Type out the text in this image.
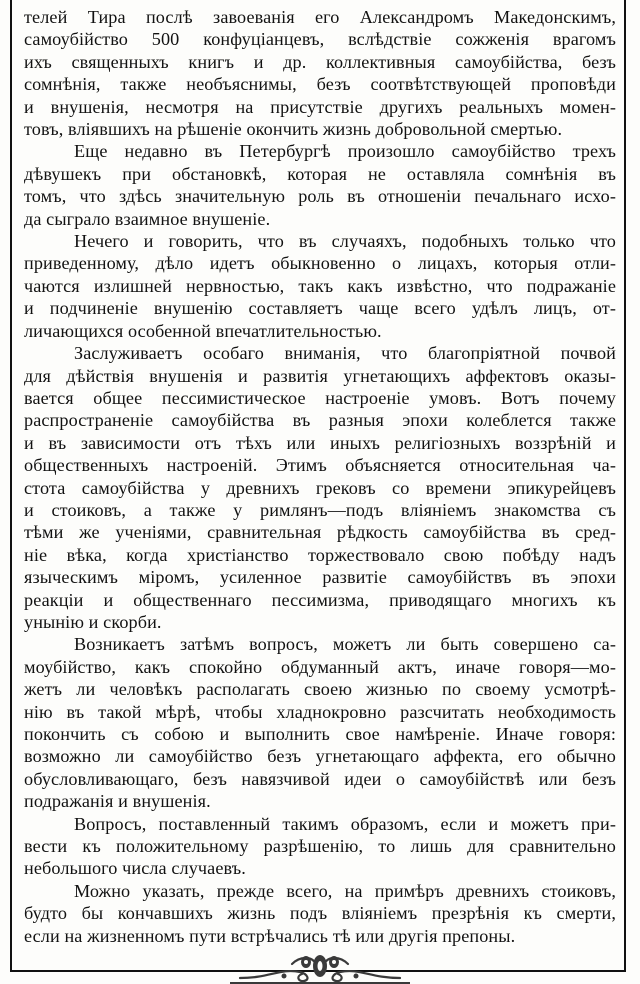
телей Тира послѣ завоеванія его Александромъ Македонскимъ,
самоубійство 500 конфуціанцевъ, вслѣдствіе сожженія врагомъ
ихъ священныхъ книгъ и др. коллективныя самоубійства, безъ
сомнѣнія, также необъяснимы, безъ соотвѣтствующей проповѣди
и внушенія, несмотря на присутствіе другихъ реальныхъ момен-
товъ, вліявшихъ на рѣшеніе окончить жизнь добровольной смертью.
Еще недавно въ Петербургѣ произошло самоубійство трехъ
дѣвушекъ при обстановкѣ, которая не оставляла сомнѣнія въ
томъ, что здѣсь значительную роль въ отношеніи печальнаго исхо-
да сыграло взаимное внушеніе.
Нечего и говорить, что въ случаяхъ, подобныхъ только что
приведенному, дѣло идетъ обыкновенно о лицахъ, которыя отли-
чаются излишней нервностью, такъ какъ извѣстно, что подражаніе
и подчиненіе внушенію составляетъ чаще всего удѣлъ лицъ, от-
личающихся особенной впечатлительностью.
Заслуживаетъ особаго вниманія, что благопріятной почвой
для дѣйствія внушенія и развитія угнетающихъ аффектовъ оказы-
вается общее пессимистическое настроеніе умовъ. Вотъ почему
распространеніе самоубійства въ разныя эпохи колеблется также
и въ зависимости отъ тѣхъ или иныхъ религіозныхъ воззрѣній и
общественныхъ настроеній. Этимъ объясняется относительная ча-
стота самоубійства у древнихъ грековъ со времени эпикурейцевъ
и стоиковъ, а также у римлянъ—подъ вліяніемъ знакомства съ
тѣми же ученіями, сравнительная рѣдкость самоубійства въ сред-
ніе вѣка, когда христіанство торжествовало свою побѣду надъ
языческимъ міромъ, усиленное развитіе самоубійствъ въ эпохи
реакціи и общественнаго пессимизма, приводящаго многихъ къ
унынію и скорби.
Возникаетъ затѣмъ вопросъ, можетъ ли быть совершено са-
моубійство, какъ спокойно обдуманный актъ, иначе говоря—мо-
жетъ ли человѣкъ располагать своею жизнью по своему усмотрѣ-
нію въ такой мѣрѣ, чтобы хладнокровно разсчитать необходимость
покончить съ собою и выполнить свое намѣреніе. Иначе говоря:
возможно ли самоубійство безъ угнетающаго аффекта, его обычно
обусловливающаго, безъ навязчивой идеи о самоубійствѣ или безъ
подражанія и внушенія.
Вопросъ, поставленный такимъ образомъ, если и можетъ при-
вести къ положительному разрѣшенію, то лишь для сравнительно
небольшого числа случаевъ.
Можно указать, прежде всего, на примѣръ древнихъ стоиковъ,
будто бы кончавшихъ жизнь подъ вліяніемъ презрѣнія къ смерти,
если на жизненномъ пути встрѣчались тѣ или другія препоны.
